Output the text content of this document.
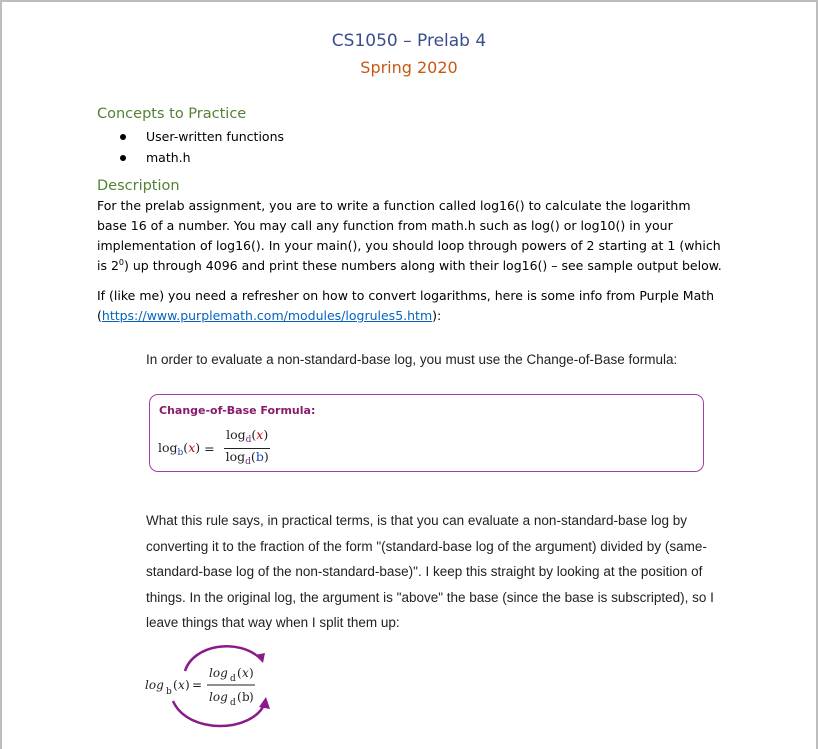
CS1050 – Prelab 4
Spring 2020
Concepts to Practice
User-written functions
math.h
Description

For the prelab assignment, you are to write a function called log16() to calculate the logarithm base 16 of a number. You may call any function from math.h such as log() or log10() in your implementation of log16(). In your main(), you should loop through powers of 2 starting at 1 (which is $2^0$) up through 4096 and print these numbers along with their log16() – see sample output below.

If (like me) you need a refresher on how to convert logarithms, here is some info from Purple Math (https://www.purplemath.com/modules/logrules5.htm):

In order to evaluate a non-standard-base log, you must use the Change-of-Base formula:
Change-of-Base Formula:
$\log_b(x) = \frac{\log_d(x)}{\log_d(b)}$

What this rule says, in practical terms, is that you can evaluate a non-standard-base log by converting it to the fraction of the form "(standard-base log of the argument) divided by (same-standard-base log of the non-standard-base)". I keep this straight by looking at the position of things. In the original log, the argument is "above" the base (since the base is subscripted), so I leave things that way when I split them up:

log b ( x ) =
log d ( x )
log d ( b )
